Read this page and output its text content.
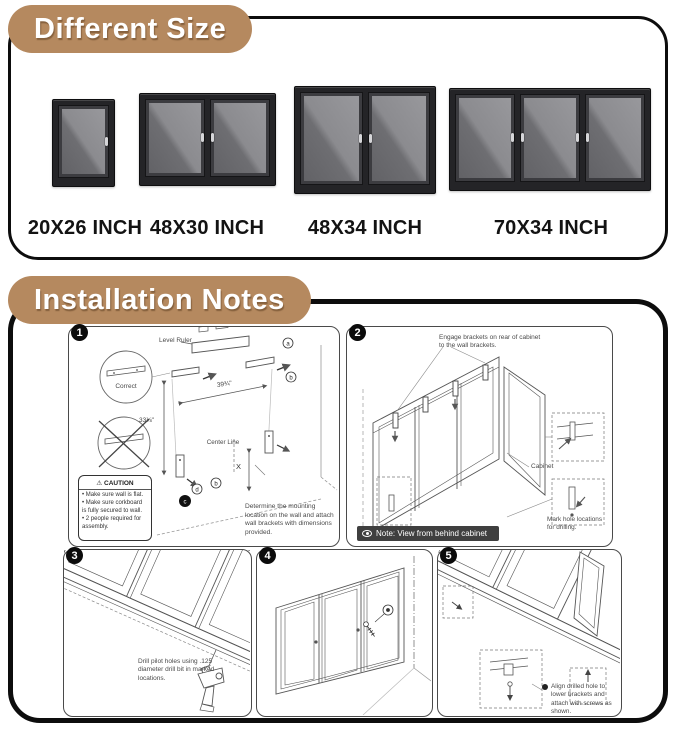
Different Size
20X26 INCH 48X30 INCH 48X34 INCH	70X34 INCH
Installation Notes
1
a
b
d
b
c
Level Ruler
39¾"
33⅛"
Correct
Center Line
X
Determine the mounting location on the wall and attach wall brackets with dimensions provided.
⚠ CAUTION
• Make sure wall is flat.
• Make sure corkboard is fully secured to wall.
• 2 people required for assembly.
2	Engage brackets on rear of cabinet to the wall brackets.
Cabinet
Mark hole locations for drilling.
Note: View from behind cabinet
3
Drill pilot holes using .125 diameter drill bit in marked locations.
4	5
Align drilled hole to lower brackets and attach with screws as shown.
